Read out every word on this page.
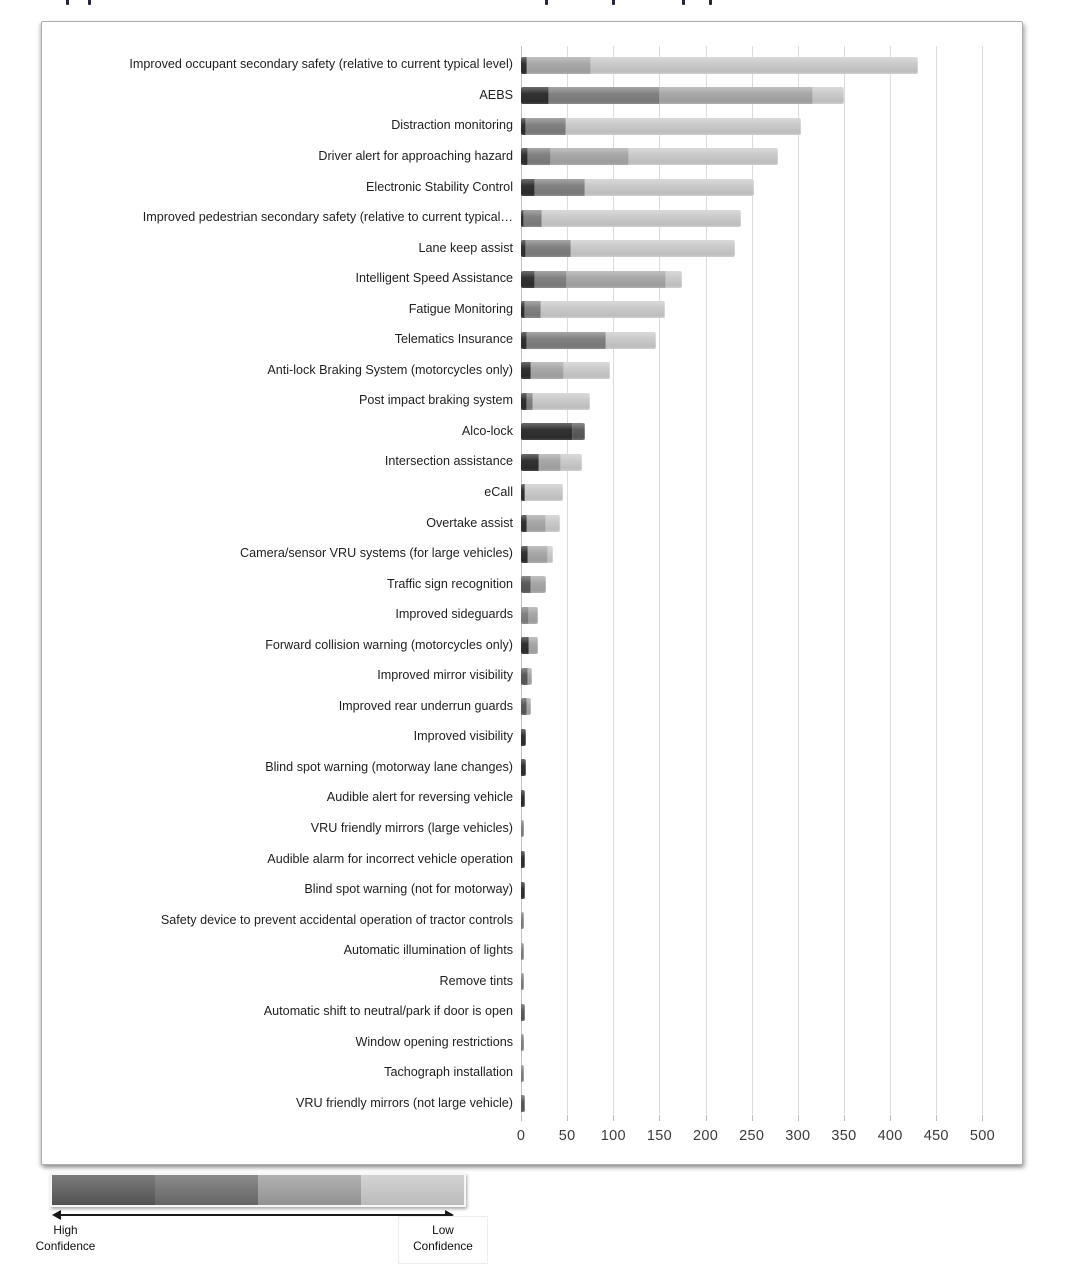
Improved occupant secondary safety (relative to current typical level)
AEBS
Distraction monitoring
Driver alert for approaching hazard
Electronic Stability Control
Improved pedestrian secondary safety (relative to current typical…
Lane keep assist
Intelligent Speed Assistance
Fatigue Monitoring
Telematics Insurance
Anti-lock Braking System (motorcycles only)
Post impact braking system
Alco-lock
Intersection assistance
eCall
Overtake assist
Camera/sensor VRU systems (for large vehicles)
Traffic sign recognition
Improved sideguards
Forward collision warning (motorcycles only)
Improved mirror visibility
Improved rear underrun guards
Improved visibility
Blind spot warning (motorway lane changes)
Audible alert for reversing vehicle
VRU friendly mirrors (large vehicles)
Audible alarm for incorrect vehicle operation
Blind spot warning (not for motorway)
Safety device to prevent accidental operation of tractor controls
Automatic illumination of lights
Remove tints
Automatic shift to neutral/park if door is open
Window opening restrictions
Tachograph installation
VRU friendly mirrors (not large vehicle)
0 50 100 150 200 250 300 350 400 450 500
High
Confidence
Low
Confidence
